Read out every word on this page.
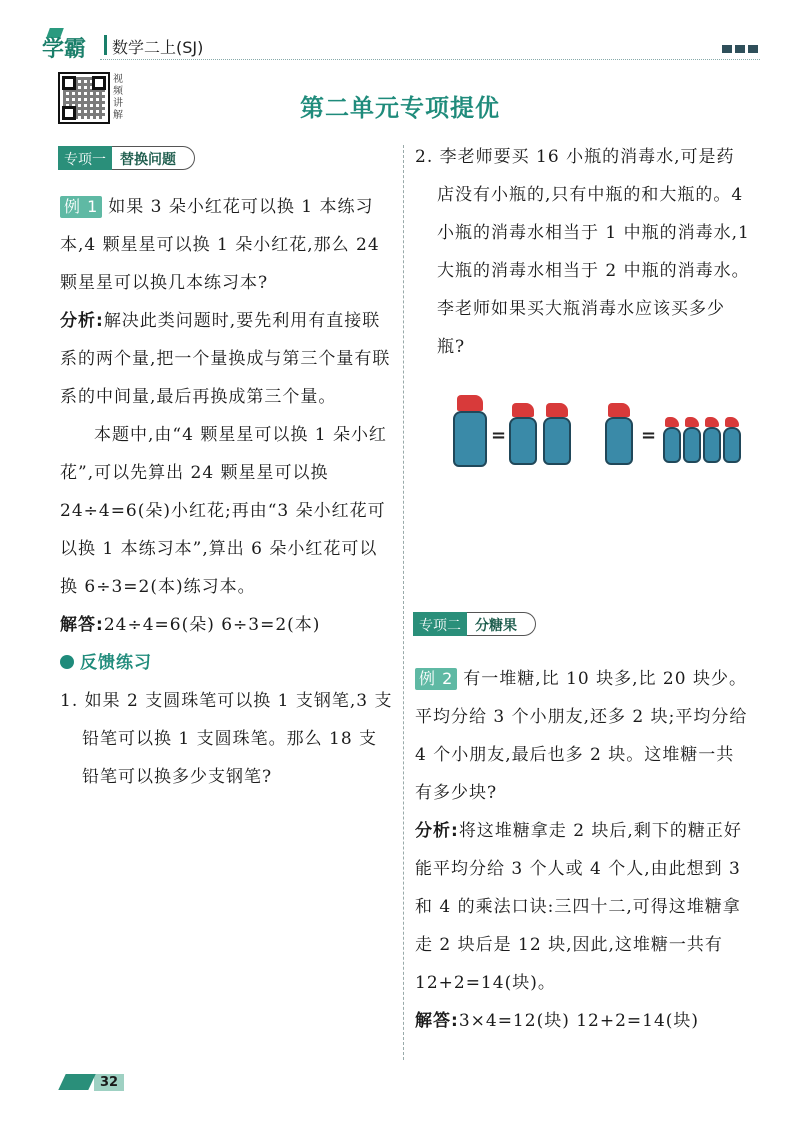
学霸 数学二上(SJ)
视频讲解	第二单元专项提优
专项一	替换问题

例 1 如果 3 朵小红花可以换 1 本练习本,4 颗星星可以换 1 朵小红花,那么 24 颗星星可以换几本练习本?

分析:解决此类问题时,要先利用有直接联系的两个量,把一个量换成与第三个量有联系的中间量,最后再换成第三个量。

本题中,由“4 颗星星可以换 1 朵小红花”,可以先算出 24 颗星星可以换 24÷4=6(朵)小红花;再由“3 朵小红花可以换 1 本练习本”,算出 6 朵小红花可以换 6÷3=2(本)练习本。

解答:24÷4=6(朵) 6÷3=2(本)

反馈练习

1. 如果 2 支圆珠笔可以换 1 支钢笔,3 支铅笔可以换 1 支圆珠笔。那么 18 支铅笔可以换多少支钢笔?

2. 李老师要买 16 小瓶的消毒水,可是药店没有小瓶的,只有中瓶的和大瓶的。4 小瓶的消毒水相当于 1 中瓶的消毒水,1 大瓶的消毒水相当于 2 中瓶的消毒水。李老师如果买大瓶消毒水应该买多少瓶?

=	=
专项二	分糖果

例 2 有一堆糖,比 10 块多,比 20 块少。平均分给 3 个小朋友,还多 2 块;平均分给 4 个小朋友,最后也多 2 块。这堆糖一共有多少块?

分析:将这堆糖拿走 2 块后,剩下的糖正好能平均分给 3 个人或 4 个人,由此想到 3 和 4 的乘法口诀:三四十二,可得这堆糖拿走 2 块后是 12 块,因此,这堆糖一共有 12+2=14(块)。

解答:3×4=12(块) 12+2=14(块)

32
